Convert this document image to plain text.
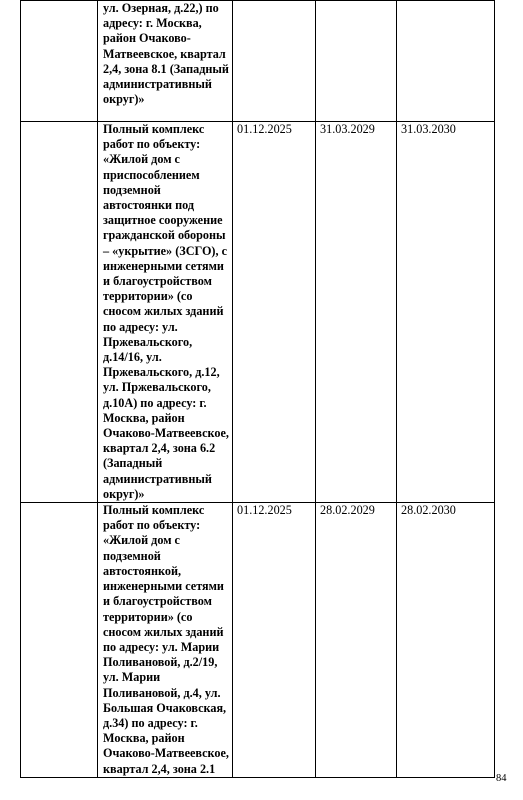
	ул. Озерная, д.22,) по адресу: г. Москва, район Очаково-Матвеевское, квартал 2,4, зона 8.1 (Западный административный округ)»			
	Полный комплекс работ по объекту: «Жилой дом с приспособлением подземной автостоянки под защитное сооружение гражданской обороны – «укрытие» (ЗСГО), с инженерными сетями и благоустройством территории» (со сносом жилых зданий по адресу: ул. Пржевальского, д.14/16, ул. Пржевальского, д.12, ул. Пржевальского, д.10А) по адресу: г. Москва, район Очаково-Матвеевское, квартал 2,4, зона 6.2 (Западный административный округ)»	01.12.2025	31.03.2029	31.03.2030
	Полный комплекс работ по объекту: «Жилой дом с подземной автостоянкой, инженерными сетями и благоустройством территории» (со сносом жилых зданий по адресу: ул. Марии Поливановой, д.2/19, ул. Марии Поливановой, д.4, ул. Большая Очаковская, д.34) по адресу: г. Москва, район Очаково-Матвеевское, квартал 2,4, зона 2.1	01.12.2025	28.02.2029	28.02.2030
84
